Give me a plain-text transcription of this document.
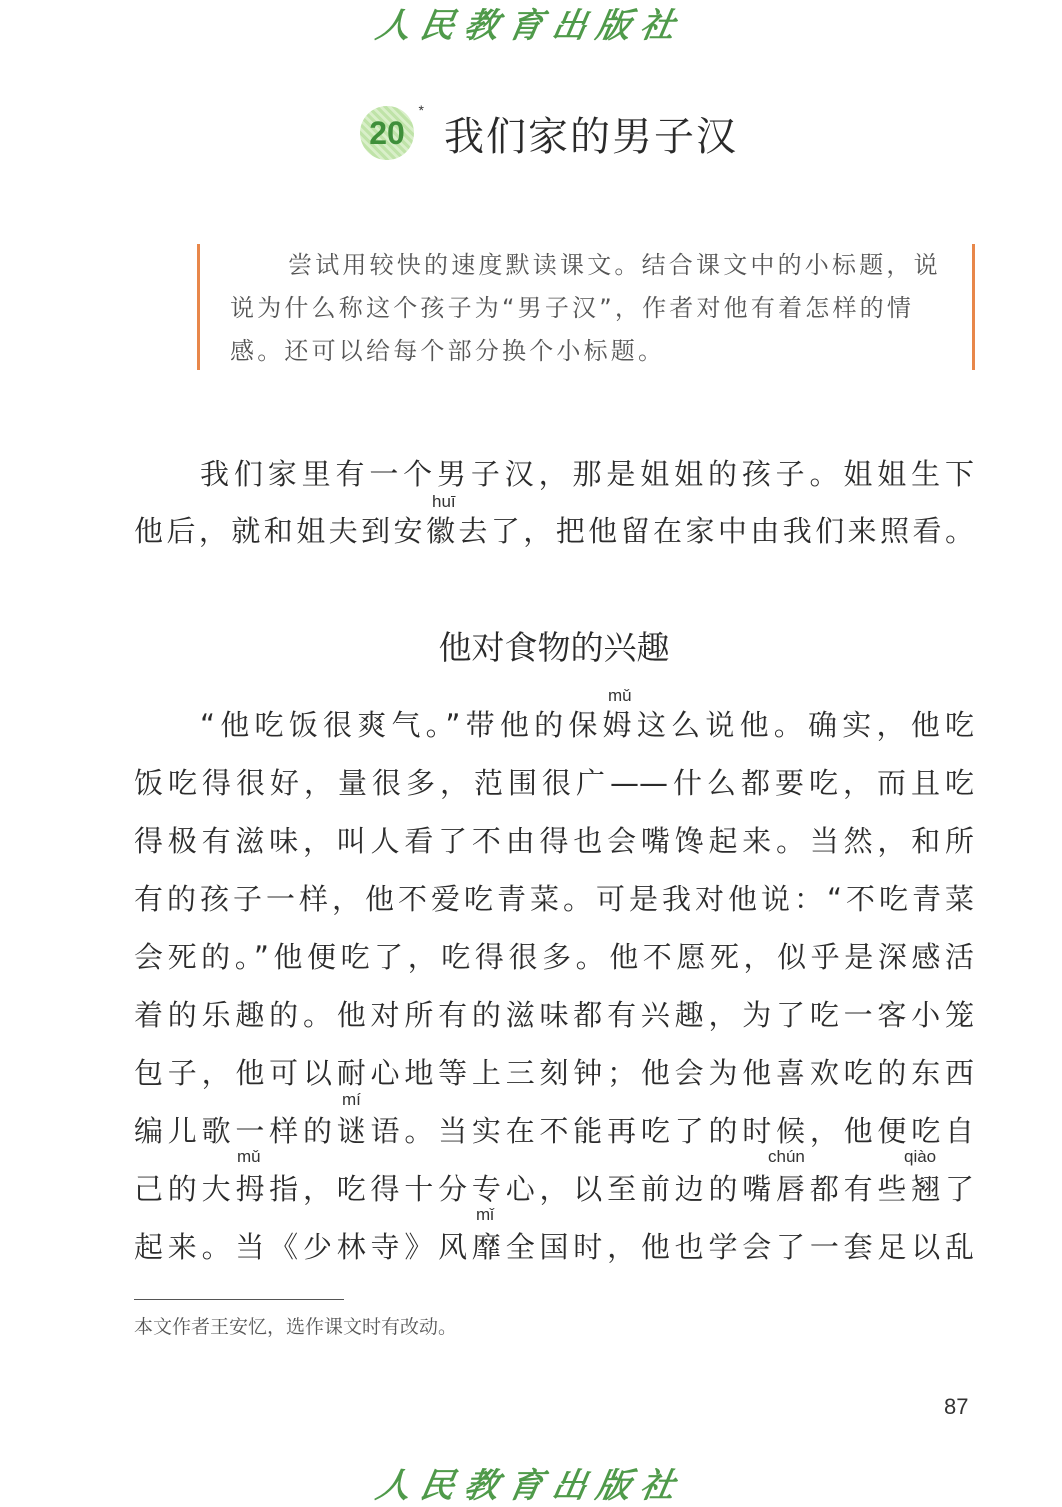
人民教育出版社
20
*
我们家的男子汉
尝试用较快的速度默读课文。结合课文中的小标题，说说为什么称这个孩子为“男子汉”，作者对他有着怎样的情感。还可以给每个部分换个小标题。
我们家里有一个男子汉，那是姐姐的孩子。姐姐生下
huī
他后，就和姐夫到安徽去了，把他留在家中由我们来照看。
他对食物的兴趣
mǔ
“他吃饭很爽气。”带他的保姆这么说他。确实，他吃
饭吃得很好，量很多，范围很广——什么都要吃，而且吃
得极有滋味，叫人看了不由得也会嘴馋起来。当然，和所
有的孩子一样，他不爱吃青菜。可是我对他说：“不吃青菜
会死的。”他便吃了，吃得很多。他不愿死，似乎是深感活
着的乐趣的。他对所有的滋味都有兴趣，为了吃一客小笼
包子，他可以耐心地等上三刻钟；他会为他喜欢吃的东西
mí
编儿歌一样的谜语。当实在不能再吃了的时候，他便吃自
mǔ	chún	qiào
己的大拇指，吃得十分专心，以至前边的嘴唇都有些翘了
mǐ
起来。当《少林寺》风靡全国时，他也学会了一套足以乱
本文作者王安忆，选作课文时有改动。
87
人民教育出版社
